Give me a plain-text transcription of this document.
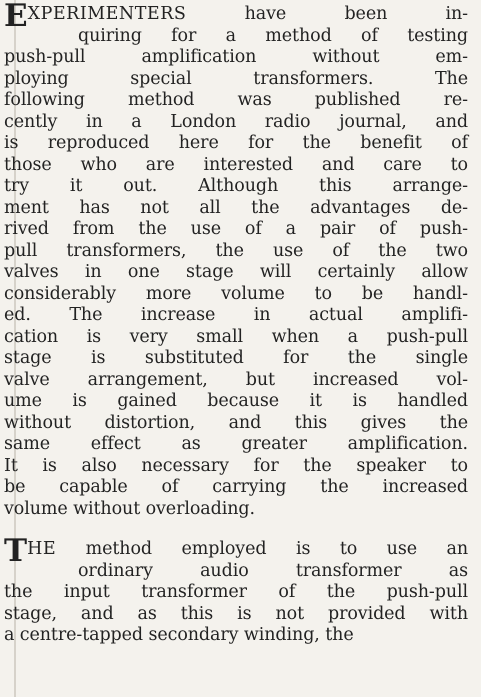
EXPERIMENTERS	have been in-
quiring for a method of testing
push-pull amplification without em-
ploying special transformers. The
following method was published re-
cently in a London radio journal, and
is reproduced here for the benefit of
those who are interested and care to
try it out. Although this arrange-
ment has not all the advantages de-
rived from the use of a pair of push-
pull transformers, the use of the two
valves in one stage will certainly allow
considerably more volume to be handl-
ed. The increase in actual amplifi-
cation is very small when a push-pull
stage is substituted for the single
valve arrangement, but increased vol-
ume is gained because it is handled
without distortion, and this gives the
same effect as greater amplification.
It is also necessary for the speaker to
be capable of carrying the increased
volume without overloading.
THE method employed is to use an
ordinary audio transformer as
the input transformer of the push-pull
stage, and as this is not provided with
a centre-tapped secondary winding, the
